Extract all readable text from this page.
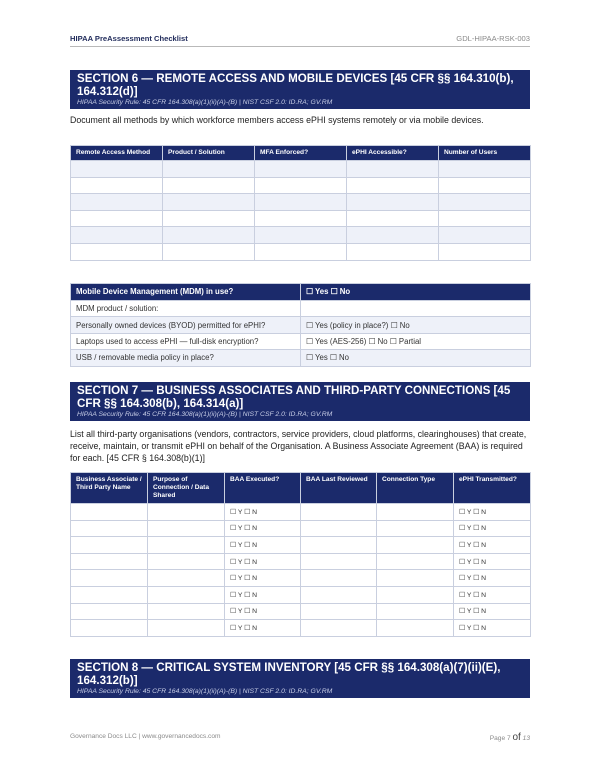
HIPAA PreAssessment Checklist	GDL-HIPAA-RSK-003
SECTION 6 — REMOTE ACCESS AND MOBILE DEVICES [45 CFR §§ 164.310(b), 164.312(d)]
HIPAA Security Rule: 45 CFR 164.308(a)(1)(ii)(A)-(B) | NIST CSF 2.0: ID.RA; GV.RM
Document all methods by which workforce members access ePHI systems remotely or via mobile devices.
Remote Access Method	Product / Solution	MFA Enforced?	ePHI Accessible?	Number of Users

Mobile Device Management (MDM) in use?	☐ Yes ☐ No
MDM product / solution:	
Personally owned devices (BYOD) permitted for ePHI?	☐ Yes (policy in place?) ☐ No
Laptops used to access ePHI — full-disk encryption?	☐ Yes (AES-256) ☐ No ☐ Partial
USB / removable media policy in place?	☐ Yes ☐ No
SECTION 7 — BUSINESS ASSOCIATES AND THIRD-PARTY CONNECTIONS [45 CFR §§ 164.308(b), 164.314(a)]
HIPAA Security Rule: 45 CFR 164.308(a)(1)(ii)(A)-(B) | NIST CSF 2.0: ID.RA; GV.RM
List all third-party organisations (vendors, contractors, service providers, cloud platforms, clearinghouses) that create, receive, maintain, or transmit ePHI on behalf of the Organisation. A Business Associate Agreement (BAA) is required for each. [45 CFR § 164.308(b)(1)]
Business Associate / Third Party Name	Purpose of Connection / Data Shared	BAA Executed?	BAA Last Reviewed	Connection Type	ePHI Transmitted?
		☐ Y ☐ N			☐ Y ☐ N
		☐ Y ☐ N			☐ Y ☐ N
		☐ Y ☐ N			☐ Y ☐ N
		☐ Y ☐ N			☐ Y ☐ N
		☐ Y ☐ N			☐ Y ☐ N
		☐ Y ☐ N			☐ Y ☐ N
		☐ Y ☐ N			☐ Y ☐ N
		☐ Y ☐ N			☐ Y ☐ N
SECTION 8 — CRITICAL SYSTEM INVENTORY [45 CFR §§ 164.308(a)(7)(ii)(E), 164.312(b)]
HIPAA Security Rule: 45 CFR 164.308(a)(1)(ii)(A)-(B) | NIST CSF 2.0: ID.RA; GV.RM
Governance Docs LLC | www.governancedocs.com	Page 7 of 13
